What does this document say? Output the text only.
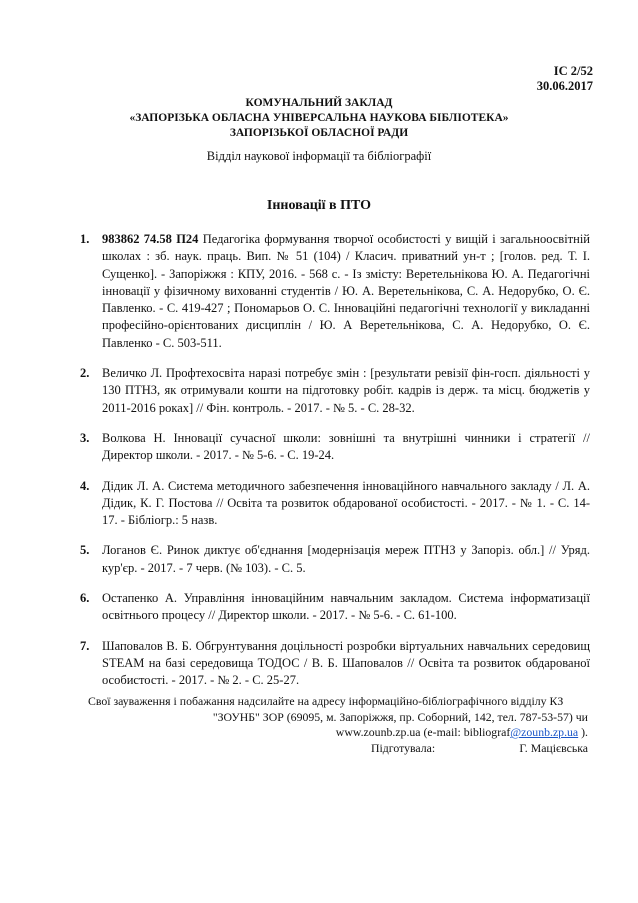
ІС 2/52
30.06.2017
КОМУНАЛЬНИЙ ЗАКЛАД
«ЗАПОРІЗЬКА ОБЛАСНА УНІВЕРСАЛЬНА НАУКОВА БІБЛІОТЕКА»
ЗАПОРІЗЬКОЇ ОБЛАСНОЇ РАДИ
Відділ наукової інформації та бібліографії
Інновації в ПТО
1. 983862 74.58 П24 Педагогіка формування творчої особистості у вищій і загальноосвітній школах : зб. наук. праць. Вип. № 51 (104) / Класич. приватний ун-т ; [голов. ред. Т. І. Сущенко]. - Запоріжжя : КПУ, 2016. - 568 с. - Із змісту: Веретельнікова Ю. А. Педагогічні інновації у фізичному вихованні студентів / Ю. А. Веретельнікова, С. А. Недорубко, О. Є. Павленко. - С. 419-427 ; Пономарьов О. С. Інноваційні педагогічні технології у викладанні професійно-орієнтованих дисциплін / Ю. А Веретельнікова, С. А. Недорубко, О. Є. Павленко - С. 503-511.
2. Величко Л. Профтехосвіта наразі потребує змін : [результати ревізії фін-госп. діяльності у 130 ПТНЗ, як отримували кошти на підготовку робіт. кадрів із держ. та місц. бюджетів у 2011-2016 роках] // Фін. контроль. - 2017. - № 5. - С. 28-32.
3. Волкова Н. Інновації сучасної школи: зовнішні та внутрішні чинники і стратегії // Директор школи. - 2017. - № 5-6. - С. 19-24.
4. Дідик Л. А. Система методичного забезпечення інноваційного навчального закладу / Л. А. Дідик, К. Г. Постова // Освіта та розвиток обдарованої особистості. - 2017. - № 1. - С. 14-17. - Бібліогр.: 5 назв.
5. Логанов Є. Ринок диктує об'єднання [модернізація мереж ПТНЗ у Запоріз. обл.] // Уряд. кур'єр. - 2017. - 7 черв. (№ 103). - С. 5.
6. Остапенко А. Управління інноваційним навчальним закладом. Система інформатизації освітнього процесу // Директор школи. - 2017. - № 5-6. - С. 61-100.
7. Шаповалов В. Б. Обгрунтування доцільності розробки віртуальних навчальних середовищ STEAM на базі середовища ТОДОС / В. Б. Шаповалов // Освіта та розвиток обдарованої особистості. - 2017. - № 2. - С. 25-27.
Свої зауваження і побажання надсилайте на адресу інформаційно-бібліографічного відділу КЗ
"ЗОУНБ" ЗОР (69095, м. Запоріжжя, пр. Соборний, 142, тел. 787-53-57) чи
www.zounb.zp.ua (e-mail: bibliograf@zounb.zp.ua ).
Підготувала:	Г. Мацієвська
